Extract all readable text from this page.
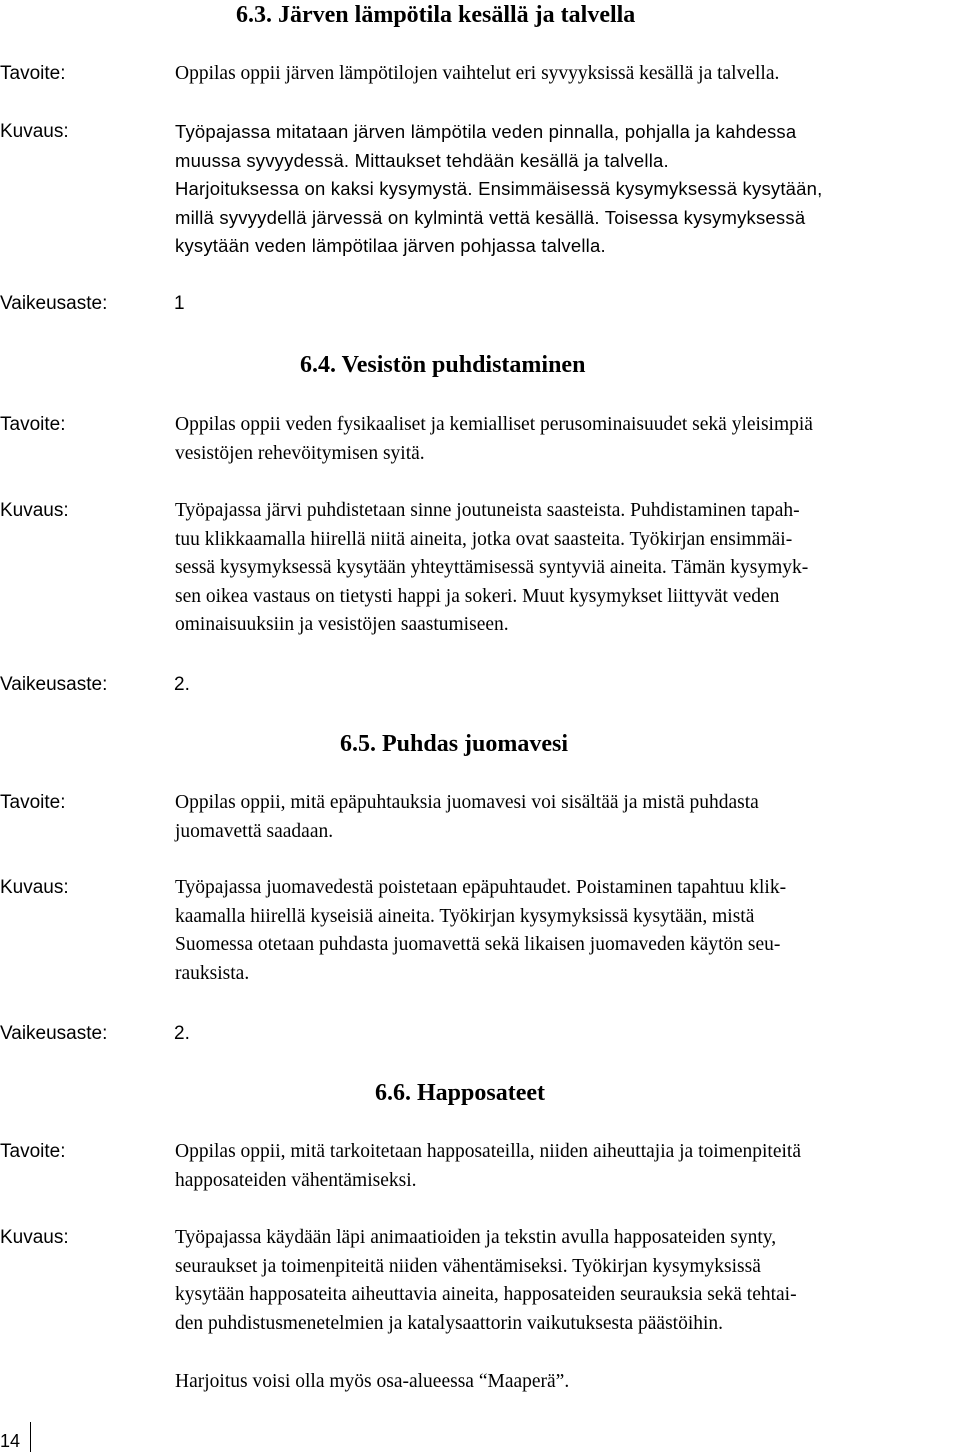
6.3. Järven lämpötila kesällä ja talvella
Tavoite:	Oppilas oppii järven lämpötilojen vaihtelut eri syvyyksissä kesällä ja talvella.
Kuvaus:	Työpajassa mitataan järven lämpötila veden pinnalla, pohjalla ja kahdessa
muussa syvyydessä. Mittaukset tehdään kesällä ja talvella.
Harjoituksessa on kaksi kysymystä. Ensimmäisessä kysymyksessä kysytään,
millä syvyydellä järvessä on kylmintä vettä kesällä. Toisessa kysymyksessä
kysytään veden lämpötilaa järven pohjassa talvella.
Vaikeusaste:	1
6.4. Vesistön puhdistaminen
Tavoite:	Oppilas oppii veden fysikaaliset ja kemialliset perusominaisuudet sekä yleisimpiä
vesistöjen rehevöitymisen syitä.
Kuvaus:	Työpajassa järvi puhdistetaan sinne joutuneista saasteista. Puhdistaminen tapah-
tuu klikkaamalla hiirellä niitä aineita, jotka ovat saasteita. Työkirjan ensimmäi-
sessä kysymyksessä kysytään yhteyttämisessä syntyviä aineita. Tämän kysymyk-
sen oikea vastaus on tietysti happi ja sokeri. Muut kysymykset liittyvät veden
ominaisuuksiin ja vesistöjen saastumiseen.
Vaikeusaste:	2.
6.5. Puhdas juomavesi
Tavoite:	Oppilas oppii, mitä epäpuhtauksia juomavesi voi sisältää ja mistä puhdasta
juomavettä saadaan.
Kuvaus:	Työpajassa juomavedestä poistetaan epäpuhtaudet. Poistaminen tapahtuu klik-
kaamalla hiirellä kyseisiä aineita. Työkirjan kysymyksissä kysytään, mistä
Suomessa otetaan puhdasta juomavettä sekä likaisen juomaveden käytön seu-
rauksista.
Vaikeusaste:	2.
6.6. Happosateet
Tavoite:	Oppilas oppii, mitä tarkoitetaan happosateilla, niiden aiheuttajia ja toimenpiteitä
happosateiden vähentämiseksi.
Kuvaus:	Työpajassa käydään läpi animaatioiden ja tekstin avulla happosateiden synty,
seuraukset ja toimenpiteitä niiden vähentämiseksi. Työkirjan kysymyksissä
kysytään happosateita aiheuttavia aineita, happosateiden seurauksia sekä tehtai-
den puhdistusmenetelmien ja katalysaattorin vaikutuksesta päästöihin.
Harjoitus voisi olla myös osa-alueessa “Maaperä”.
14
